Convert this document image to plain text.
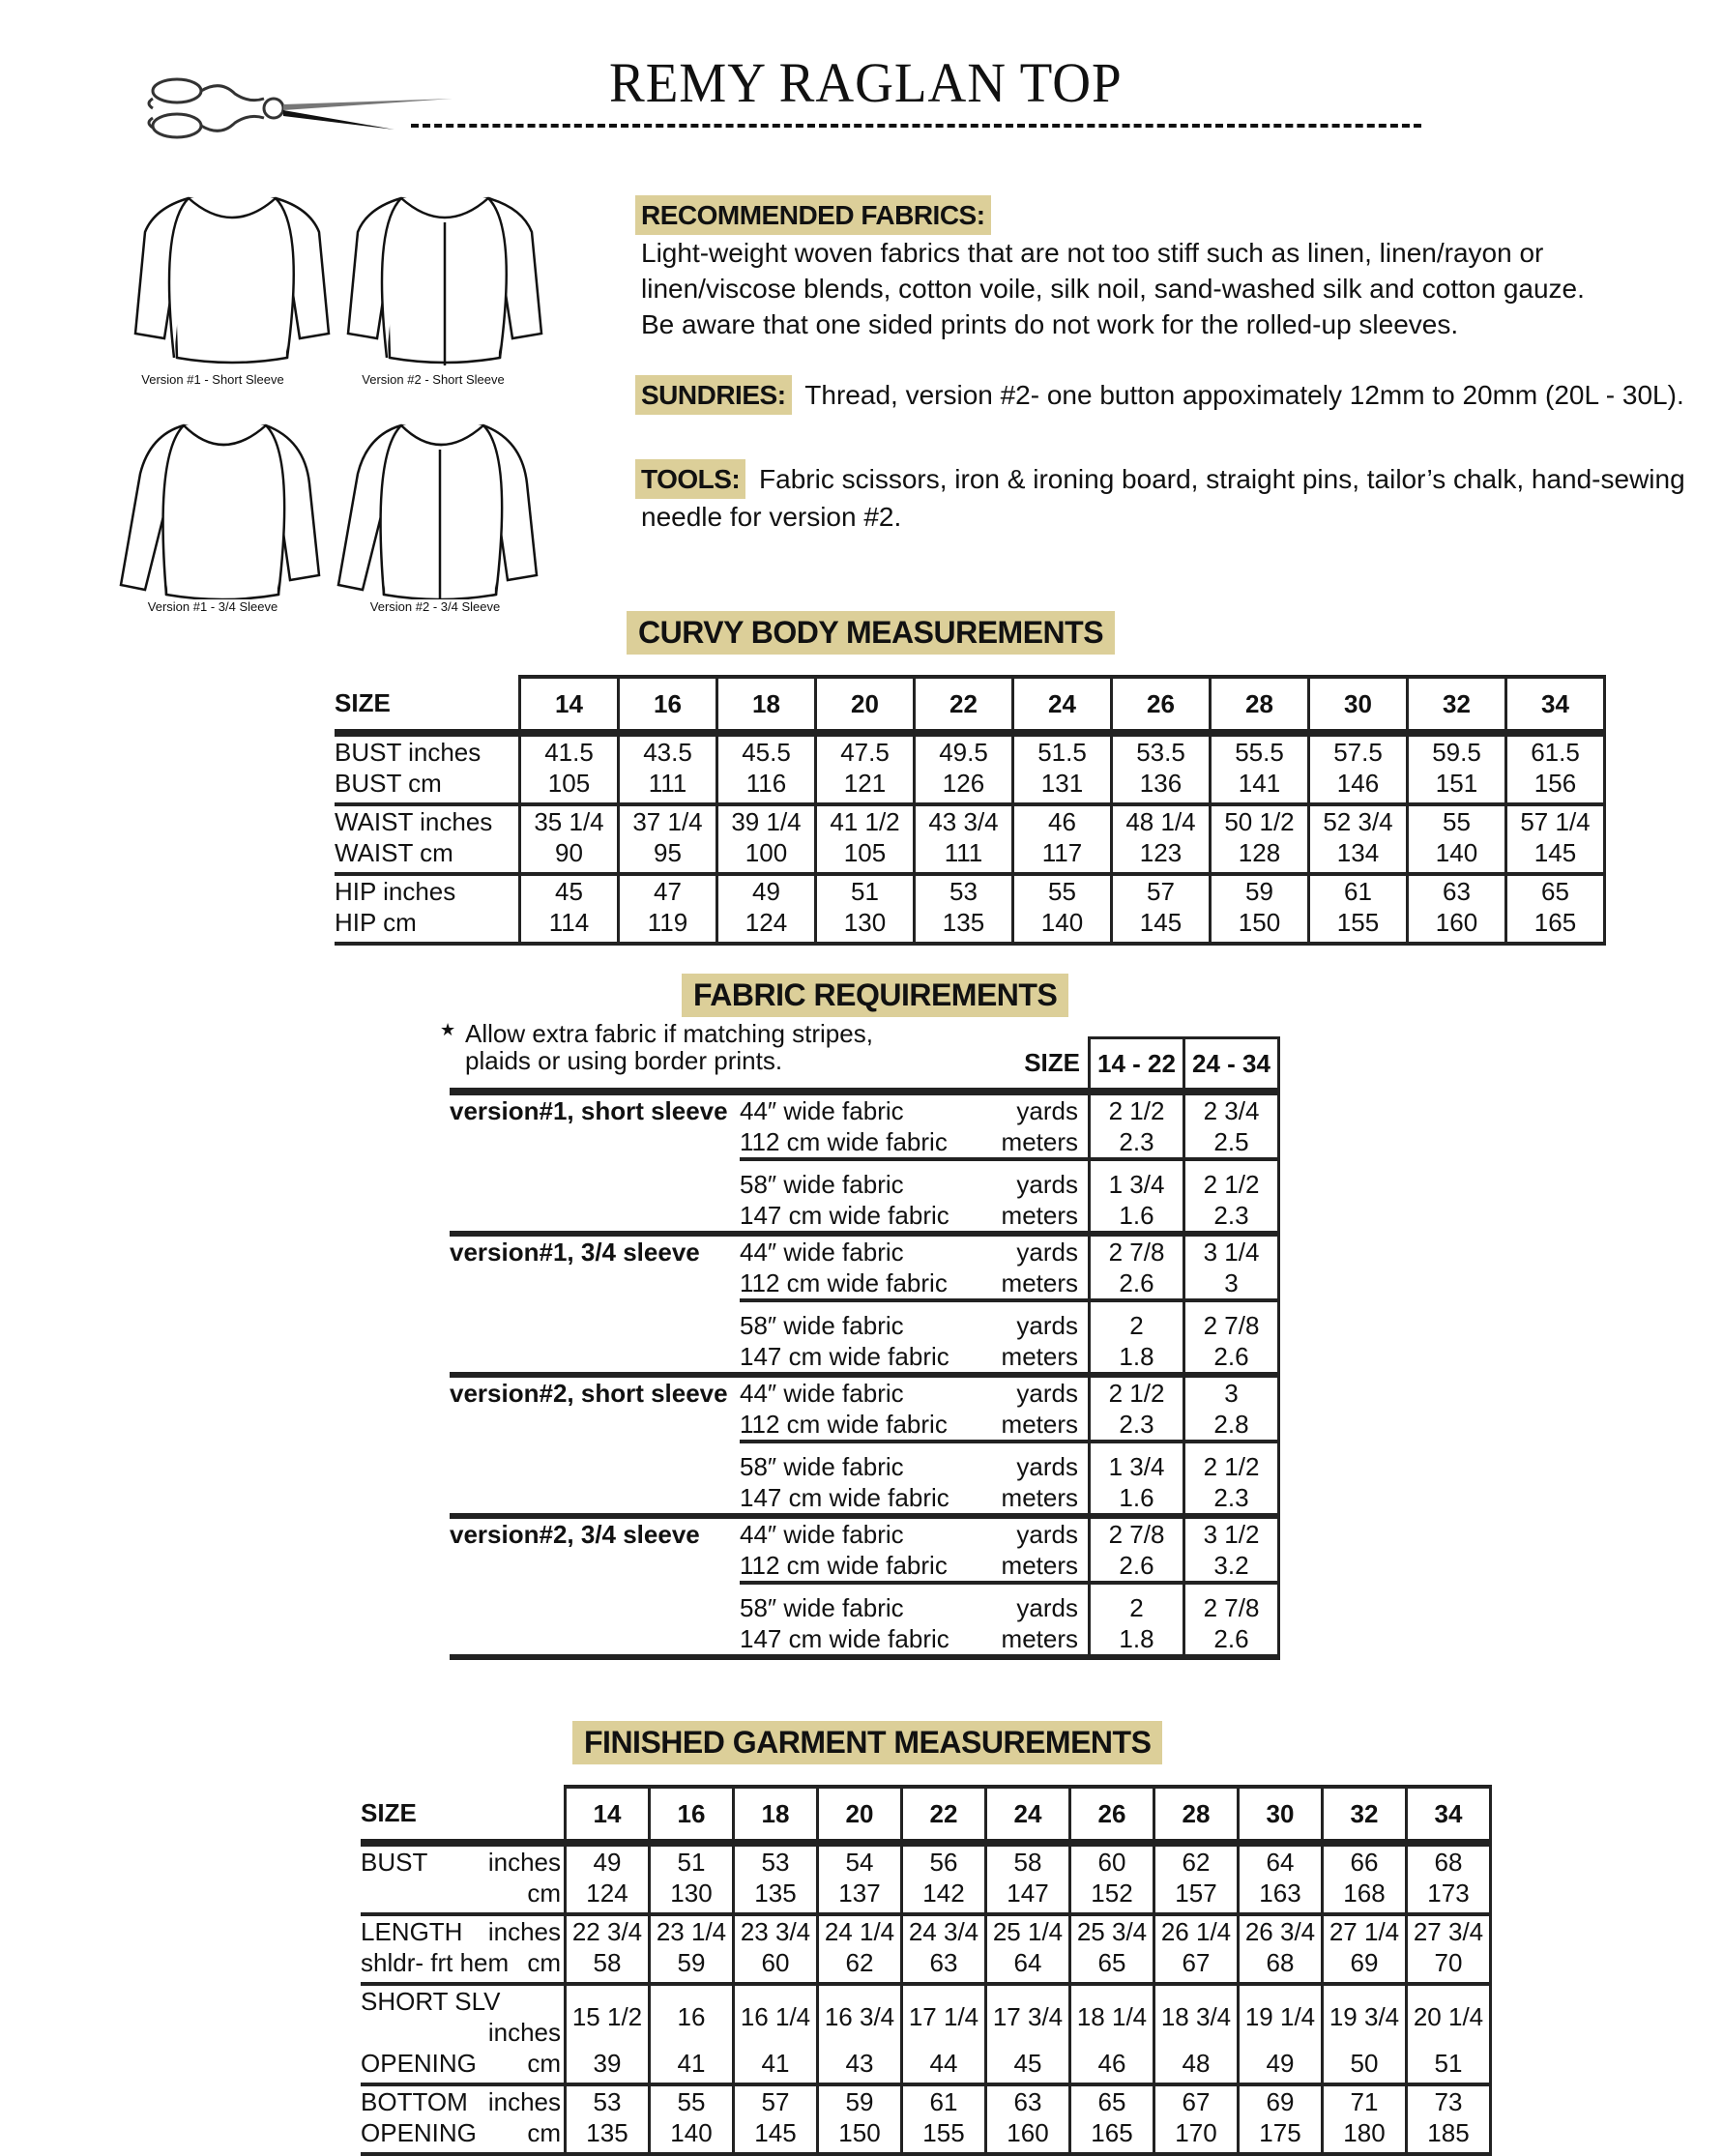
REMY RAGLAN TOP
Version #1 - Short Sleeve	Version #2 - Short Sleeve
Version #1 - 3/4 Sleeve	Version #2 - 3/4 Sleeve
RECOMMENDED FABRICS:
Light-weight woven fabrics that are not too stiff such as linen, linen/rayon or
linen/viscose blends, cotton voile, silk noil, sand-washed silk and cotton gauze.
Be aware that one sided prints do not work for the rolled-up sleeves.
SUNDRIES: Thread, version #2- one button appoximately 12mm to 20mm (20L - 30L).
TOOLS: Fabric scissors, iron & ironing board, straight pins, tailor’s chalk, hand-sewing
needle for version #2.
CURVY BODY MEASUREMENTS
SIZE	14	16	18	20	22	24	26	28	30	32	34
BUST inches	41.5	43.5	45.5	47.5	49.5	51.5	53.5	55.5	57.5	59.5	61.5
BUST cm	105	111	116	121	126	131	136	141	146	151	156
WAIST inches	35 1/4	37 1/4	39 1/4	41 1/2	43 3/4	46	48 1/4	50 1/2	52 3/4	55	57 1/4
WAIST cm	90	95	100	105	111	117	123	128	134	140	145
HIP inches	45	47	49	51	53	55	57	59	61	63	65
HIP cm	114	119	124	130	135	140	145	150	155	160	165
FABRIC REQUIREMENTS
★ Allow extra fabric if matching stripes,
plaids or using border prints.
			SIZE	14 - 22	24 - 34
version#1, short sleeve	44″ wide fabric	yards	2 1/2	2 3/4
	112 cm wide fabric	meters	2.3	2.5

	58″ wide fabric	yards	1 3/4	2 1/2
	147 cm wide fabric	meters	1.6	2.3
version#1, 3/4 sleeve	44″ wide fabric	yards	2 7/8	3 1/4
	112 cm wide fabric	meters	2.6	3

	58″ wide fabric	yards	2	2 7/8
	147 cm wide fabric	meters	1.8	2.6
version#2, short sleeve	44″ wide fabric	yards	2 1/2	3
	112 cm wide fabric	meters	2.3	2.8

	58″ wide fabric	yards	1 3/4	2 1/2
	147 cm wide fabric	meters	1.6	2.3
version#2, 3/4 sleeve	44″ wide fabric	yards	2 7/8	3 1/2
	112 cm wide fabric	meters	2.6	3.2

	58″ wide fabric	yards	2	2 7/8
	147 cm wide fabric	meters	1.8	2.6
FINISHED GARMENT MEASUREMENTS
SIZE	14	16	18	20	22	24	26	28	30	32	34
BUST inches	49	51	53	54	56	58	60	62	64	66	68

cm	124	130	135	137	142	147	152	157	163	168	173
LENGTH inches	22 3/4	23 1/4	23 3/4	24 1/4	24 3/4	25 1/4	25 3/4	26 1/4	26 3/4	27 1/4	27 3/4
shldr- frt hem cm	58	59	60	62	63	64	65	67	68	69	70
SHORT SLV
inches	15 1/2	16	16 1/4	16 3/4	17 1/4	17 3/4	18 1/4	18 3/4	19 1/4	19 3/4	20 1/4
OPENING cm	39	41	41	43	44	45	46	48	49	50	51
BOTTOM inches	53	55	57	59	61	63	65	67	69	71	73
OPENING cm	135	140	145	150	155	160	165	170	175	180	185
